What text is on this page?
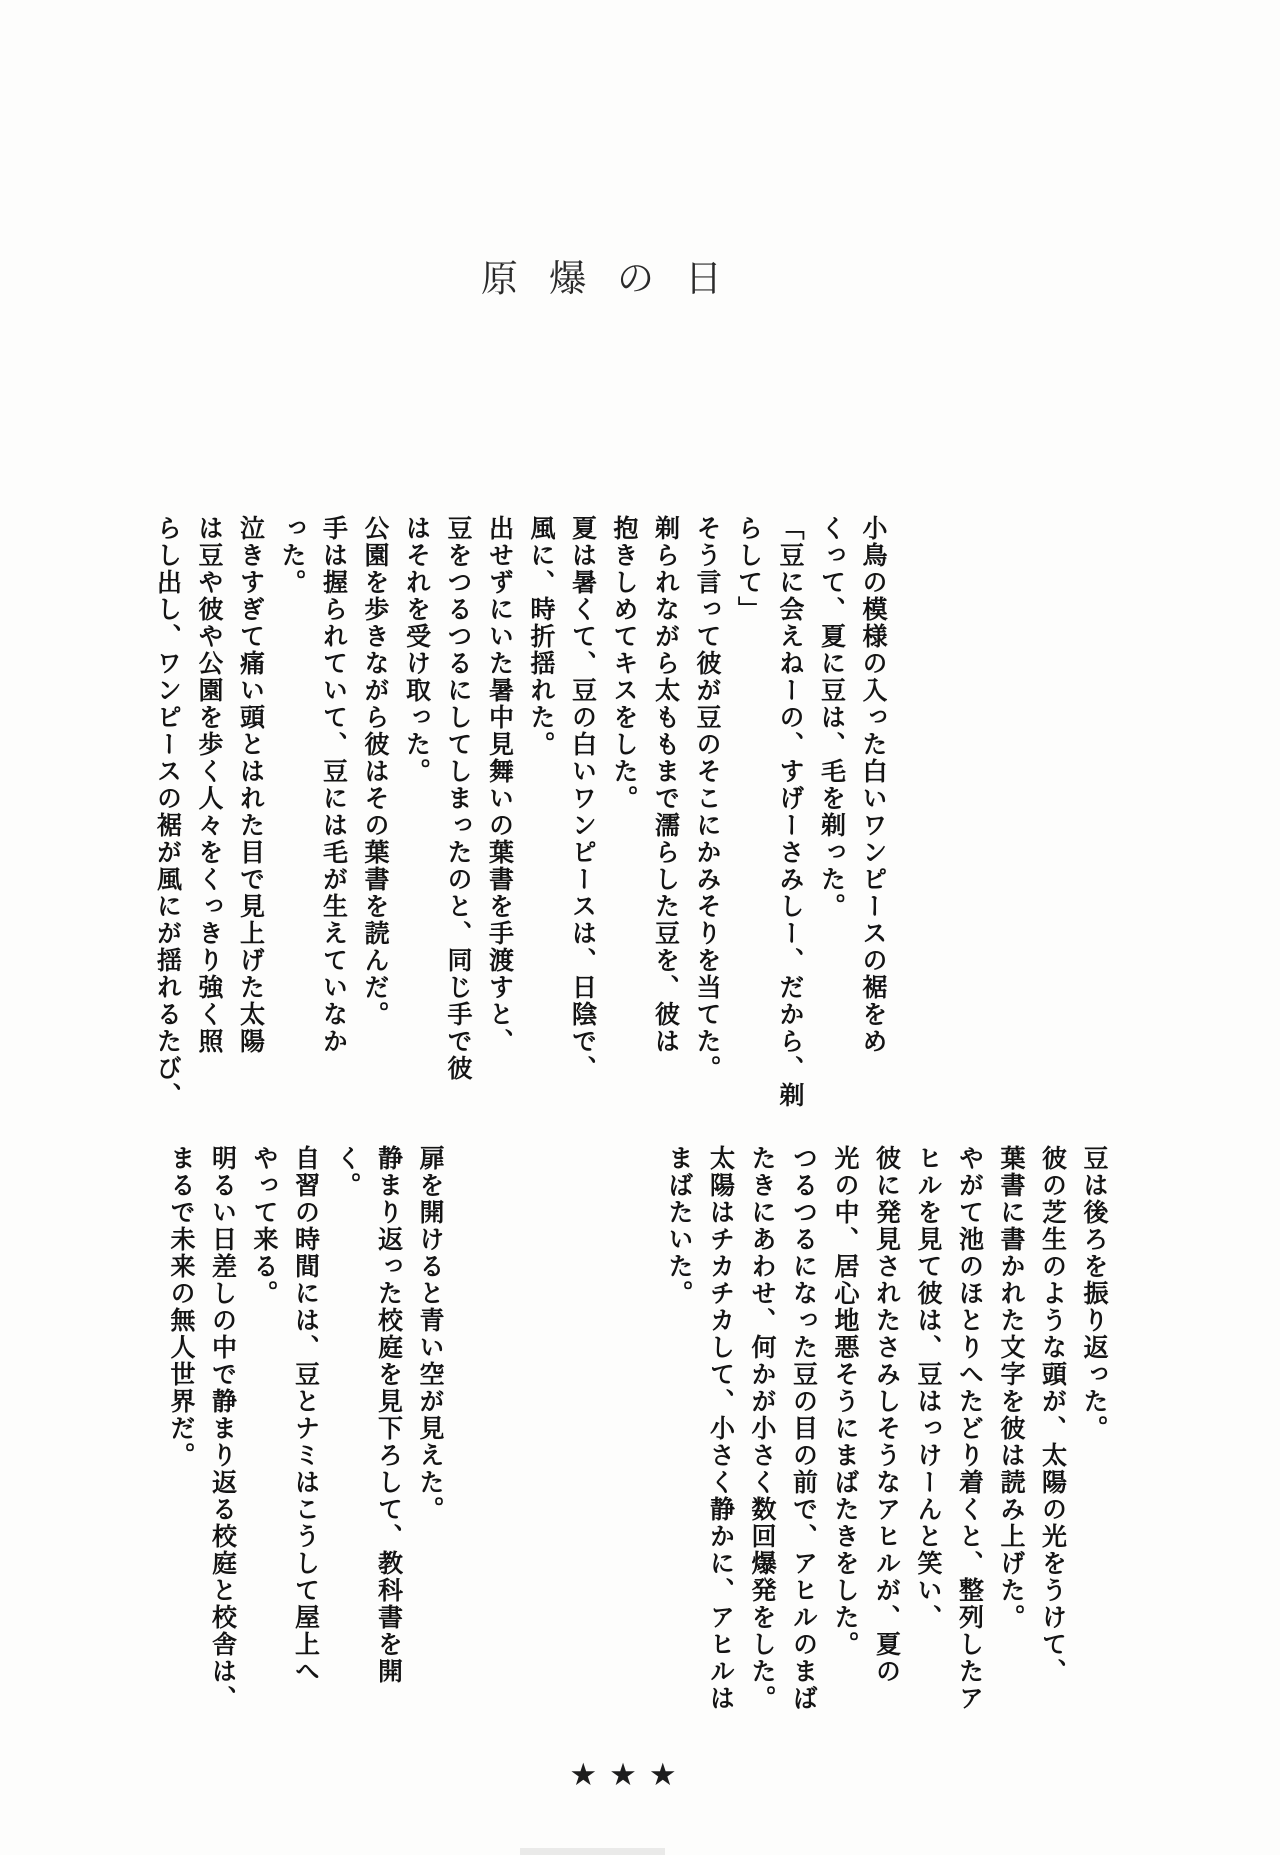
原爆の日
小鳥の模様の入った白いワンピースの裾をめ
くって、夏に豆は、毛を剃った。
「豆に会えねーの、すげーさみしー、だから、剃
らして」
そう言って彼が豆のそこにかみそりを当てた。
剃られながら太ももまで濡らした豆を、彼は
抱きしめてキスをした。
夏は暑くて、豆の白いワンピースは、日陰で、
風に、時折揺れた。
出せずにいた暑中見舞いの葉書を手渡すと、
豆をつるつるにしてしまったのと、同じ手で彼
はそれを受け取った。
公園を歩きながら彼はその葉書を読んだ。
手は握られていて、豆には毛が生えていなか
った。
泣きすぎて痛い頭とはれた目で見上げた太陽
は豆や彼や公園を歩く人々をくっきり強く照
らし出し、ワンピースの裾が風にが揺れるたび、
豆は後ろを振り返った。
彼の芝生のような頭が、太陽の光をうけて、
葉書に書かれた文字を彼は読み上げた。
やがて池のほとりへたどり着くと、整列したア
ヒルを見て彼は、豆はっけーんと笑い、
彼に発見されたさみしそうなアヒルが、夏の
光の中、居心地悪そうにまばたきをした。
つるつるになった豆の目の前で、アヒルのまば
たきにあわせ、何かが小さく数回爆発をした。
太陽はチカチカして、小さく静かに、アヒルは
まばたいた。
扉を開けると青い空が見えた。
静まり返った校庭を見下ろして、教科書を開
く。
自習の時間には、豆とナミはこうして屋上へ
やって来る。
明るい日差しの中で静まり返る校庭と校舎は、
まるで未来の無人世界だ。
★★★
